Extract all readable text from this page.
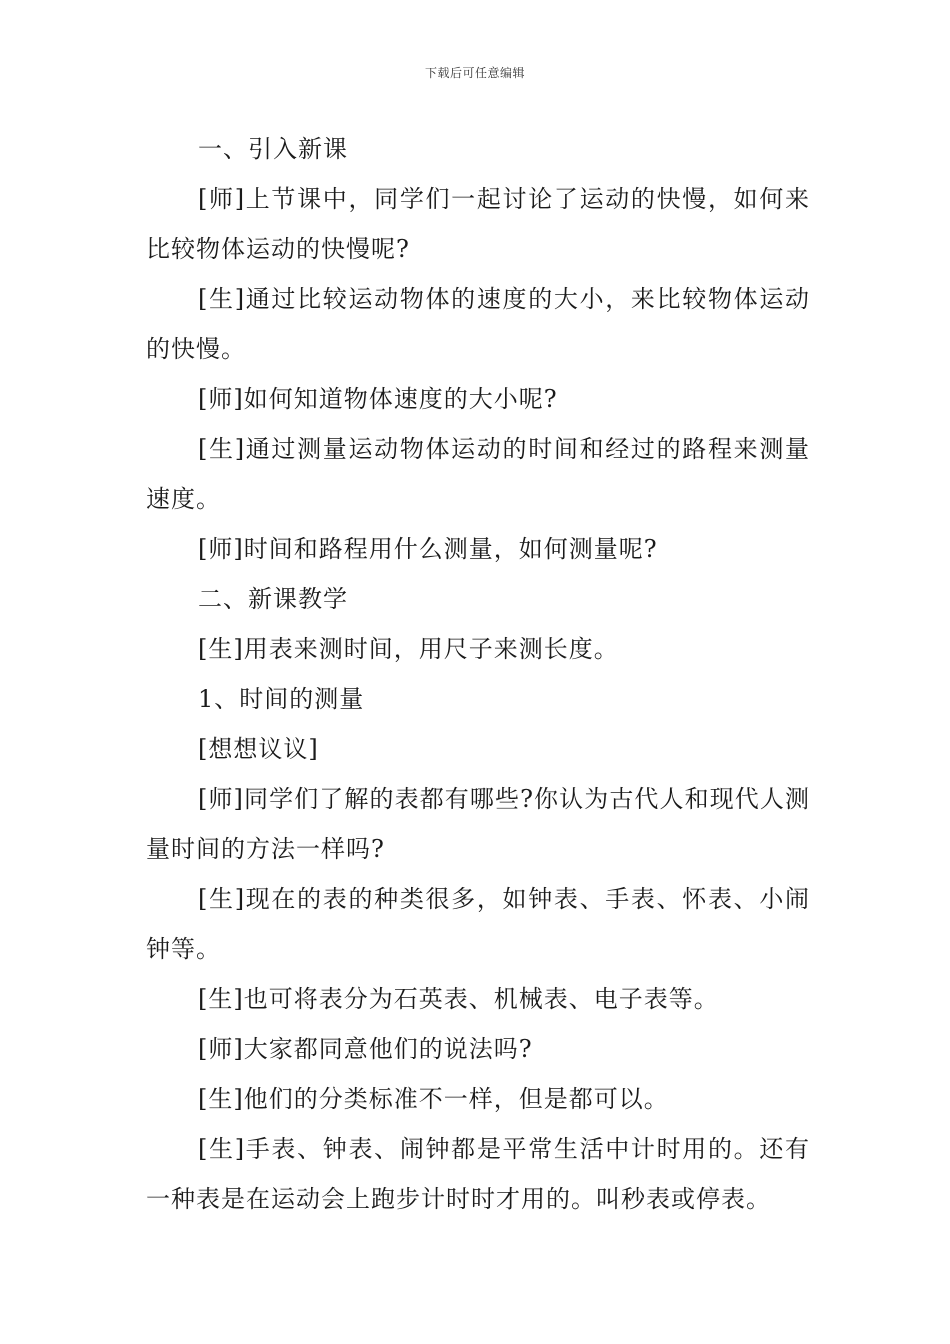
下载后可任意编辑

一、引入新课

[师]上节课中，同学们一起讨论了运动的快慢，如何来比较物体运动的快慢呢?

[生]通过比较运动物体的速度的大小，来比较物体运动的快慢。

[师]如何知道物体速度的大小呢?

[生]通过测量运动物体运动的时间和经过的路程来测量速度。

[师]时间和路程用什么测量，如何测量呢?

二、新课教学

[生]用表来测时间，用尺子来测长度。

1、时间的测量

[想想议议]

[师]同学们了解的表都有哪些?你认为古代人和现代人测量时间的方法一样吗?

[生]现在的表的种类很多，如钟表、手表、怀表、小闹钟等。

[生]也可将表分为石英表、机械表、电子表等。

[师]大家都同意他们的说法吗?

[生]他们的分类标准不一样，但是都可以。

[生]手表、钟表、闹钟都是平常生活中计时用的。还有一种表是在运动会上跑步计时时才用的。叫秒表或停表。
